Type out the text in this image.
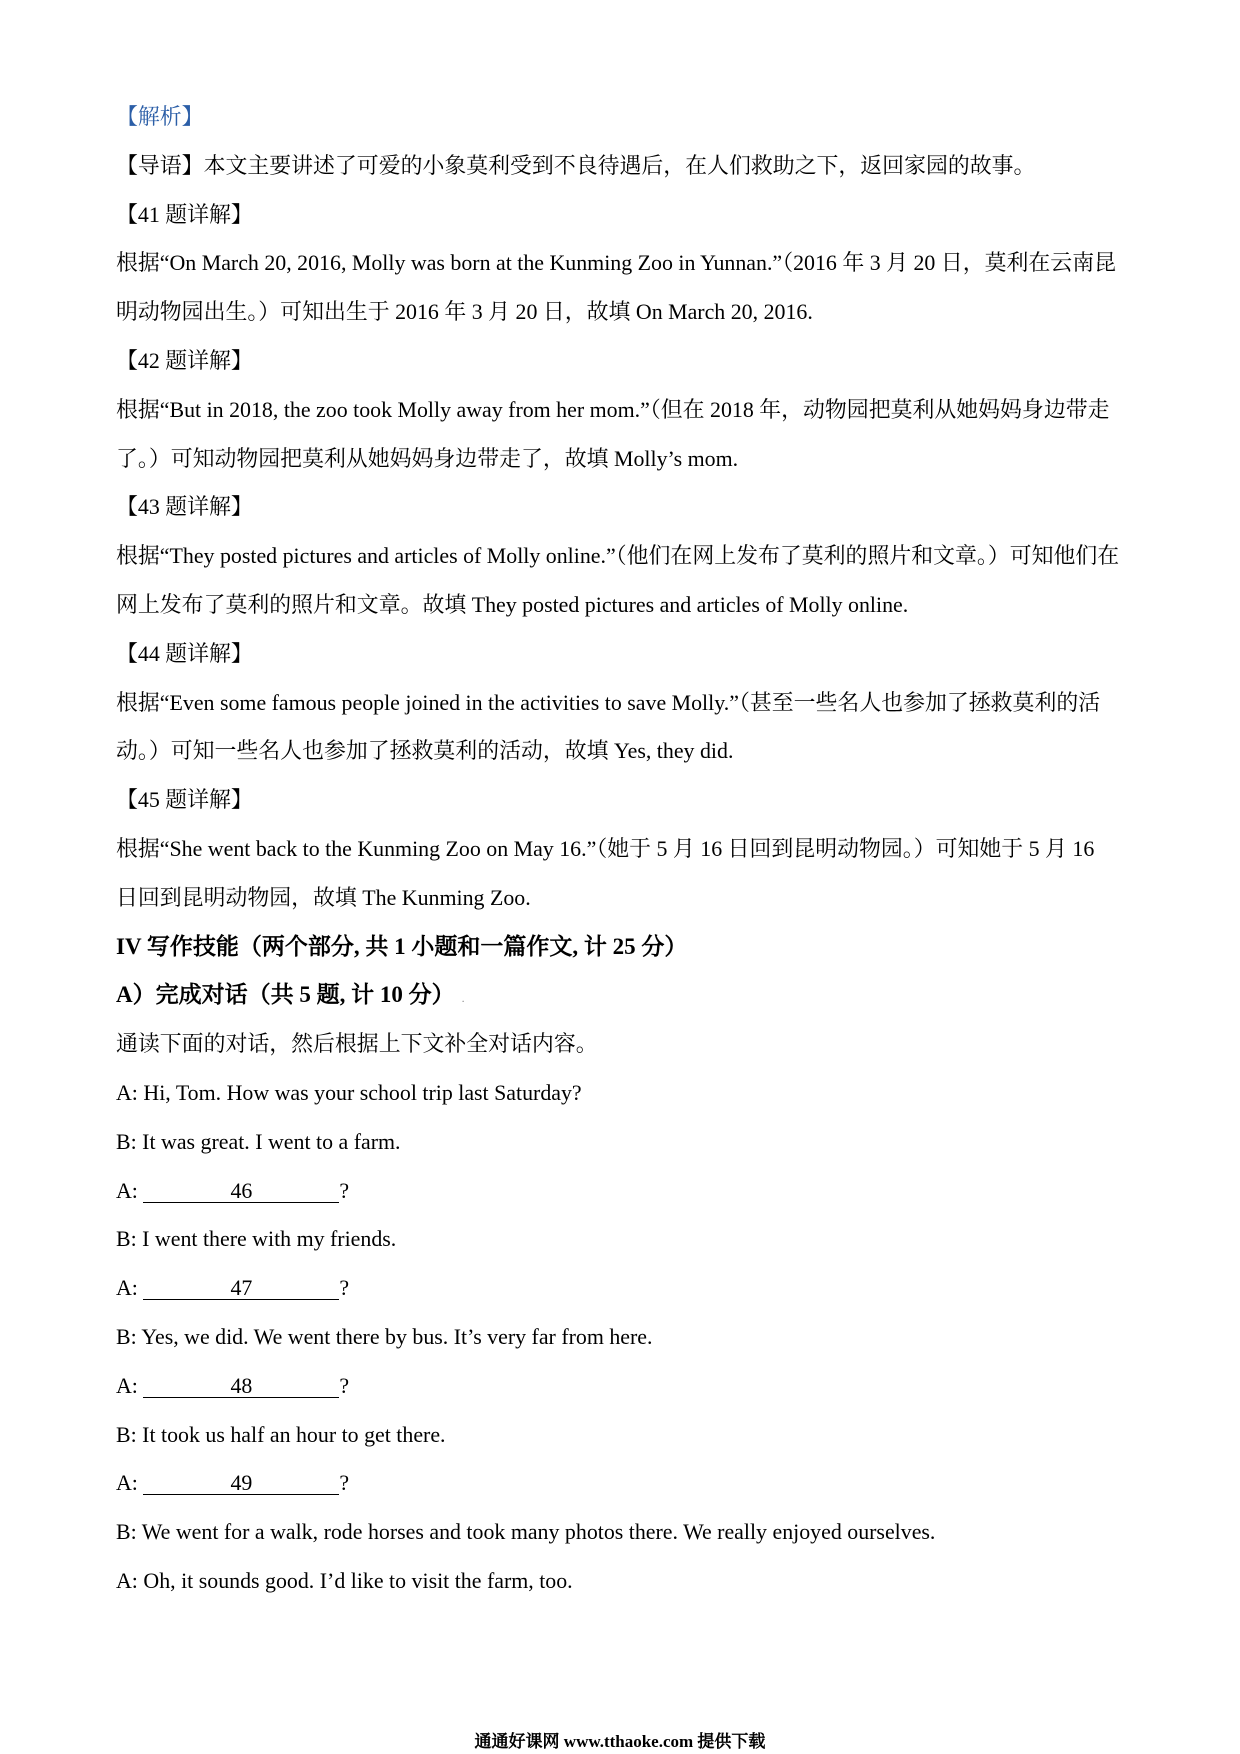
【解析】
【导语】本文主要讲述了可爱的小象莫利受到不良待遇后，在人们救助之下，返回家园的故事。
【41 题详解】
根据“On March 20, 2016, Molly was born at the Kunming Zoo in Yunnan.”（2016 年 3 月 20 日，莫利在云南昆
明动物园出生。）可知出生于 2016 年 3 月 20 日，故填 On March 20, 2016.
【42 题详解】
根据“But in 2018, the zoo took Molly away from her mom.”（但在 2018 年，动物园把莫利从她妈妈身边带走
了。）可知动物园把莫利从她妈妈身边带走了，故填 Molly’s mom.
【43 题详解】
根据“They posted pictures and articles of Molly online.”（他们在网上发布了莫利的照片和文章。）可知他们在
网上发布了莫利的照片和文章。故填 They posted pictures and articles of Molly online.
【44 题详解】
根据“Even some famous people joined in the activities to save Molly.”（甚至一些名人也参加了拯救莫利的活
动。）可知一些名人也参加了拯救莫利的活动，故填 Yes, they did.
【45 题详解】
根据“She went back to the Kunming Zoo on May 16.”（她于 5 月 16 日回到昆明动物园。）可知她于 5 月 16
日回到昆明动物园，故填 The Kunming Zoo.
IV 写作技能（两个部分, 共 1 小题和一篇作文, 计 25 分）
A）完成对话（共 5 题, 计 10 分） .
通读下面的对话，然后根据上下文补全对话内容。
A: Hi, Tom. How was your school trip last Saturday?
B: It was great. I went to a farm.
A:	46	?
B: I went there with my friends.
A:	47	?
B: Yes, we did. We went there by bus. It’s very far from here.
A:	48	?
B: It took us half an hour to get there.
A:	49	?
B: We went for a walk, rode horses and took many photos there. We really enjoyed ourselves.
A: Oh, it sounds good. I’d like to visit the farm, too.
通通好课网 www.tthaoke.com 提供下载
